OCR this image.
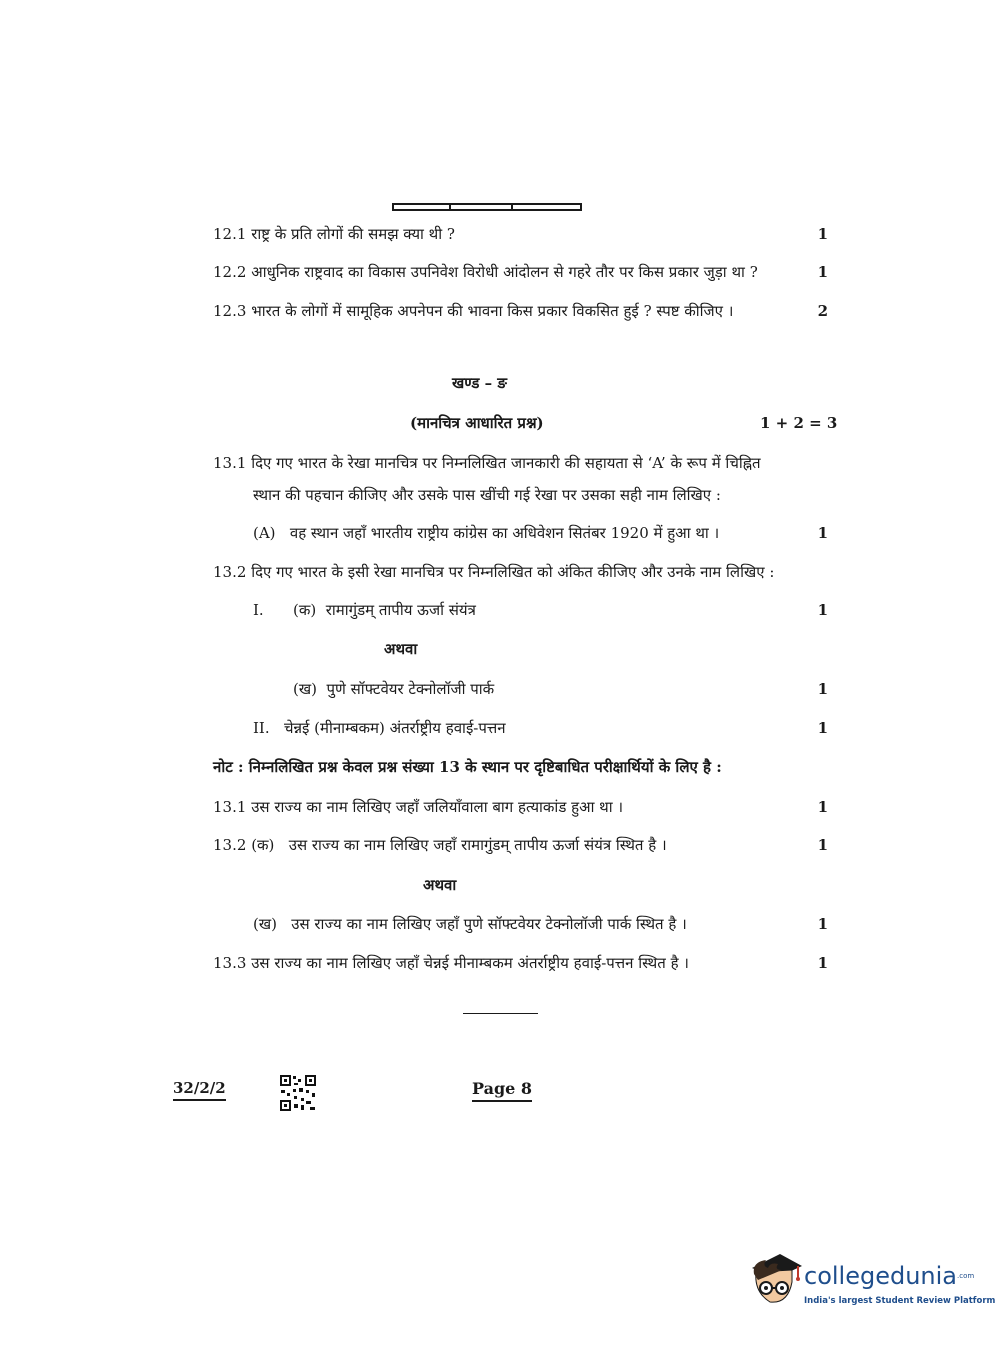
12.1 राष्ट्र के प्रति लोगों की समझ क्या थी ?	1
12.2 आधुनिक राष्ट्रवाद का विकास उपनिवेश विरोधी आंदोलन से गहरे तौर पर किस प्रकार जुड़ा था ?	1
12.3 भारत के लोगों में सामूहिक अपनेपन की भावना किस प्रकार विकसित हुई ? स्पष्ट कीजिए ।	2
खण्ड – ङ
(मानचित्र आधारित प्रश्न)	1 + 2 = 3
13.1 दिए गए भारत के रेखा मानचित्र पर निम्नलिखित जानकारी की सहायता से ‘A’ के रूप में चिह्नित
स्थान की पहचान कीजिए और उसके पास खींची गई रेखा पर उसका सही नाम लिखिए :
(A) वह स्थान जहाँ भारतीय राष्ट्रीय कांग्रेस का अधिवेशन सितंबर 1920 में हुआ था ।	1
13.2 दिए गए भारत के इसी रेखा मानचित्र पर निम्नलिखित को अंकित कीजिए और उनके नाम लिखिए :
I. (क) रामागुंडम् तापीय ऊर्जा संयंत्र	1
अथवा
(ख) पुणे सॉफ्टवेयर टेक्नोलॉजी पार्क	1
II. चेन्नई (मीनाम्बकम) अंतर्राष्ट्रीय हवाई-पत्तन	1
नोट : निम्नलिखित प्रश्न केवल प्रश्न संख्या 13 के स्थान पर दृष्टिबाधित परीक्षार्थियों के लिए है :
13.1 उस राज्य का नाम लिखिए जहाँ जलियाँवाला बाग हत्याकांड हुआ था ।	1
13.2 (क) उस राज्य का नाम लिखिए जहाँ रामागुंडम् तापीय ऊर्जा संयंत्र स्थित है ।	1
अथवा
(ख) उस राज्य का नाम लिखिए जहाँ पुणे सॉफ्टवेयर टेक्नोलॉजी पार्क स्थित है ।	1
13.3 उस राज्य का नाम लिखिए जहाँ चेन्नई मीनाम्बकम अंतर्राष्ट्रीय हवाई-पत्तन स्थित है ।	1
32/2/2	Page 8
collegedunia$^{.com}$
India's largest Student Review Platform
